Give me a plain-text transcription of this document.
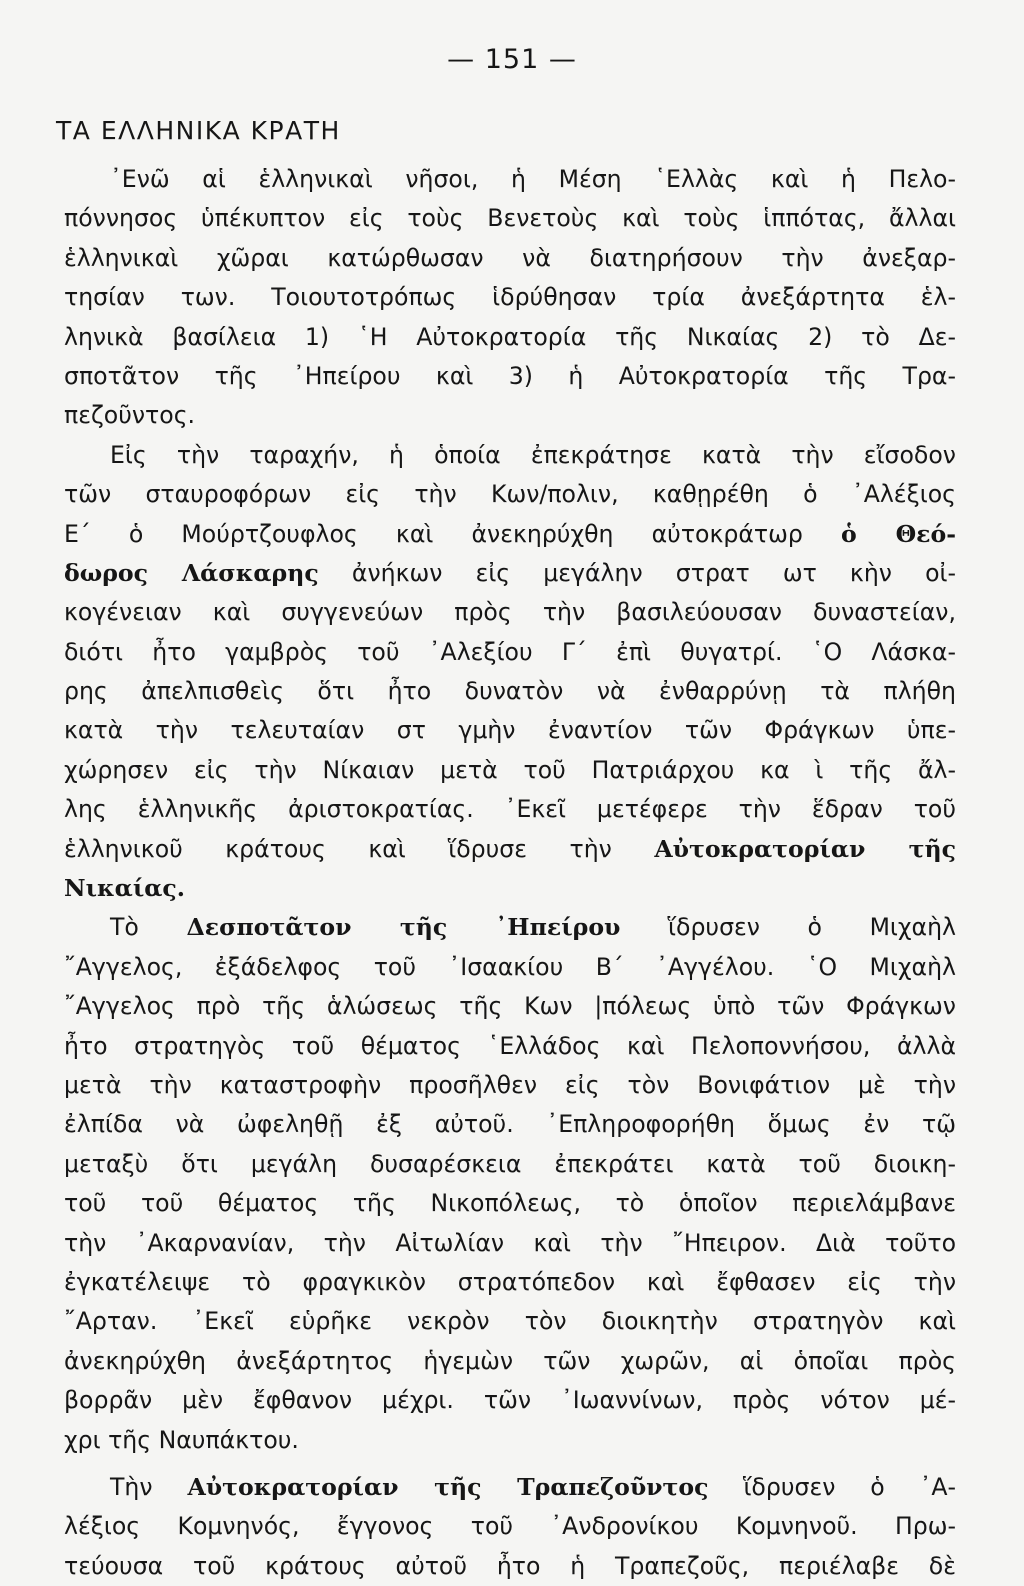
— 151 —
ΤΑ ΕΛΛΗΝΙΚΑ ΚΡΑΤΗ
᾿Ενῶ αἱ ἑλληνικαὶ νῆσοι, ἡ Μέση ῾Ελλὰς καὶ ἡ Πελο-
πόννησος ὑπέκυπτον εἰς τοὺς Βενετοὺς καὶ τοὺς ἱππότας, ἄλλαι
ἑλληνικαὶ χῶραι κατώρθωσαν νὰ διατηρήσουν τὴν ἀνεξαρ-
τησίαν των. Τοιουτοτρόπως ἱδρύθησαν τρία ἀνεξάρτητα ἑλ-
ληνικὰ βασίλεια 1) ῾Η Αὐτοκρατορία τῆς Νικαίας 2) τὸ Δε-
σποτᾶτον τῆς ᾿Ηπείρου καὶ 3) ἡ Αὐτοκρατορία τῆς Τρα-
πεζοῦντος.
Εἰς τὴν ταραχήν, ἡ ὁποία ἐπεκράτησε κατὰ τὴν εἴσοδον
τῶν σταυροφόρων εἰς τὴν Κων/πολιν, καθῃρέθη ὁ ᾿Αλέξιος
Ε΄ ὁ Μούρτζουφλος καὶ ἀνεκηρύχθη αὐτοκράτωρ ὁ Θεό-
δωρος Λάσκαρης ἀνήκων εἰς μεγάλην στρατ ωτ κὴν οἰ-
κογένειαν καὶ συγγενεύων πρὸς τὴν βασιλεύουσαν δυναστείαν,
διότι ἦτο γαμβρὸς τοῦ ᾿Αλεξίου Γ΄ ἐπὶ θυγατρί. ῾Ο Λάσκα-
ρης ἀπελπισθεὶς ὅτι ἦτο δυνατὸν νὰ ἐνθαρρύνῃ τὰ πλήθη
κατὰ τὴν τελευταίαν στ γμὴν ἐναντίον τῶν Φράγκων ὑπε-
χώρησεν εἰς τὴν Νίκαιαν μετὰ τοῦ Πατριάρχου κα ὶ τῆς ἄλ-
λης ἑλληνικῆς ἀριστοκρατίας. ᾿Εκεῖ μετέφερε τὴν ἕδραν τοῦ
ἑλληνικοῦ κράτους καὶ ἵδρυσε τὴν Αὐτοκρατορίαν τῆς
Νικαίας.
Τὸ Δεσποτᾶτον τῆς ᾿Ηπείρου ἵδρυσεν ὁ Μιχαὴλ
῎Αγγελος, ἐξάδελφος τοῦ ᾿Ισαακίου Β΄ ᾿Αγγέλου. ῾Ο Μιχαὴλ
῎Αγγελος πρὸ τῆς ἁλώσεως τῆς Κων |πόλεως ὑπὸ τῶν Φράγκων
ἦτο στρατηγὸς τοῦ θέματος ῾Ελλάδος καὶ Πελοποννήσου, ἀλλὰ
μετὰ τὴν καταστροφὴν προσῆλθεν εἰς τὸν Βονιφάτιον μὲ τὴν
ἐλπίδα νὰ ὠφεληθῇ ἐξ αὐτοῦ. ᾿Επληροφορήθη ὅμως ἐν τῷ
μεταξὺ ὅτι μεγάλη δυσαρέσκεια ἐπεκράτει κατὰ τοῦ διοικη-
τοῦ τοῦ θέματος τῆς Νικοπόλεως, τὸ ὁποῖον περιελάμβανε
τὴν ᾿Ακαρνανίαν, τὴν Αἰτωλίαν καὶ τὴν ῎Ηπειρον. Διὰ τοῦτο
ἐγκατέλειψε τὸ φραγκικὸν στρατόπεδον καὶ ἔφθασεν εἰς τὴν
῎Αρταν. ᾿Εκεῖ εὑρῆκε νεκρὸν τὸν διοικητὴν στρατηγὸν καὶ
ἀνεκηρύχθη ἀνεξάρτητος ἡγεμὼν τῶν χωρῶν, αἱ ὁποῖαι πρὸς
βορρᾶν μὲν ἔφθανον μέχρι. τῶν ᾿Ιωαννίνων, πρὸς νότον μέ-
χρι τῆς Ναυπάκτου.
Τὴν Αὐτοκρατορίαν τῆς Τραπεζοῦντος ἵδρυσεν ὁ ᾿Α-
λέξιος Κομνηνός, ἔγγονος τοῦ ᾿Ανδρονίκου Κομνηνοῦ. Πρω-
τεύουσα τοῦ κράτους αὐτοῦ ἦτο ἡ Τραπεζοῦς, περιέλαβε δὲ
